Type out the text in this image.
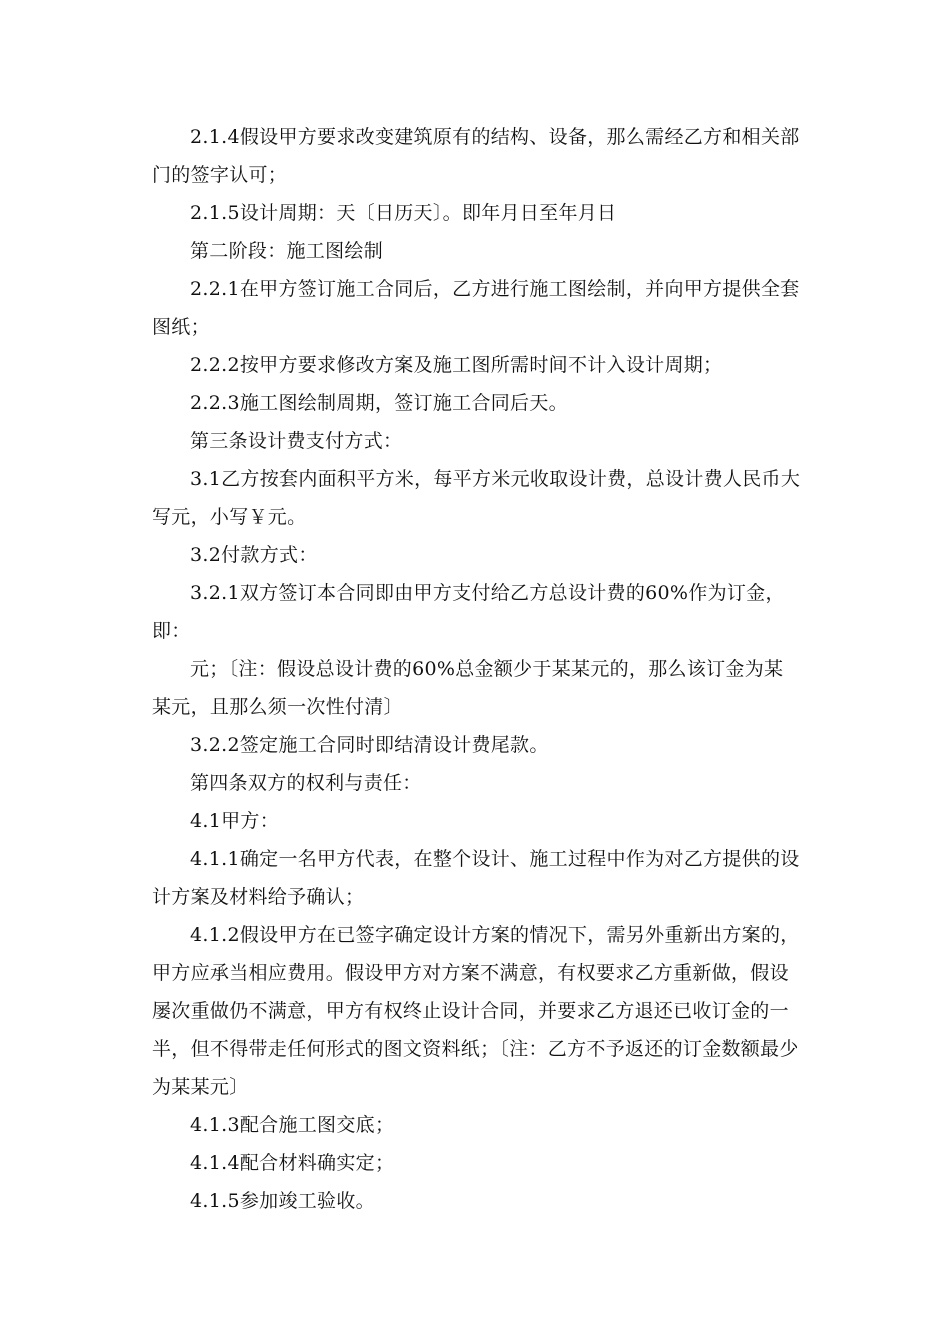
2.1.4假设甲方要求改变建筑原有的结构、设备，那么需经乙方和相关部门的签字认可；

2.1.5设计周期：天〔日历天〕。即年月日至年月日

第二阶段：施工图绘制

2.2.1在甲方签订施工合同后，乙方进行施工图绘制，并向甲方提供全套图纸；

2.2.2按甲方要求修改方案及施工图所需时间不计入设计周期；

2.2.3施工图绘制周期，签订施工合同后天。

第三条设计费支付方式：

3.1乙方按套内面积平方米，每平方米元收取设计费，总设计费人民币大写元，小写￥元。

3.2付款方式：

3.2.1双方签订本合同即由甲方支付给乙方总设计费的60%作为订金，即：

元；〔注：假设总设计费的60%总金额少于某某元的，那么该订金为某某元，且那么须一次性付清〕

3.2.2签定施工合同时即结清设计费尾款。

第四条双方的权利与责任：

4.1甲方：

4.1.1确定一名甲方代表，在整个设计、施工过程中作为对乙方提供的设计方案及材料给予确认；

4.1.2假设甲方在已签字确定设计方案的情况下，需另外重新出方案的，甲方应承当相应费用。假设甲方对方案不满意，有权要求乙方重新做，假设屡次重做仍不满意，甲方有权终止设计合同，并要求乙方退还已收订金的一半，但不得带走任何形式的图文资料纸；〔注：乙方不予返还的订金数额最少为某某元〕

4.1.3配合施工图交底；

4.1.4配合材料确实定；

4.1.5参加竣工验收。
